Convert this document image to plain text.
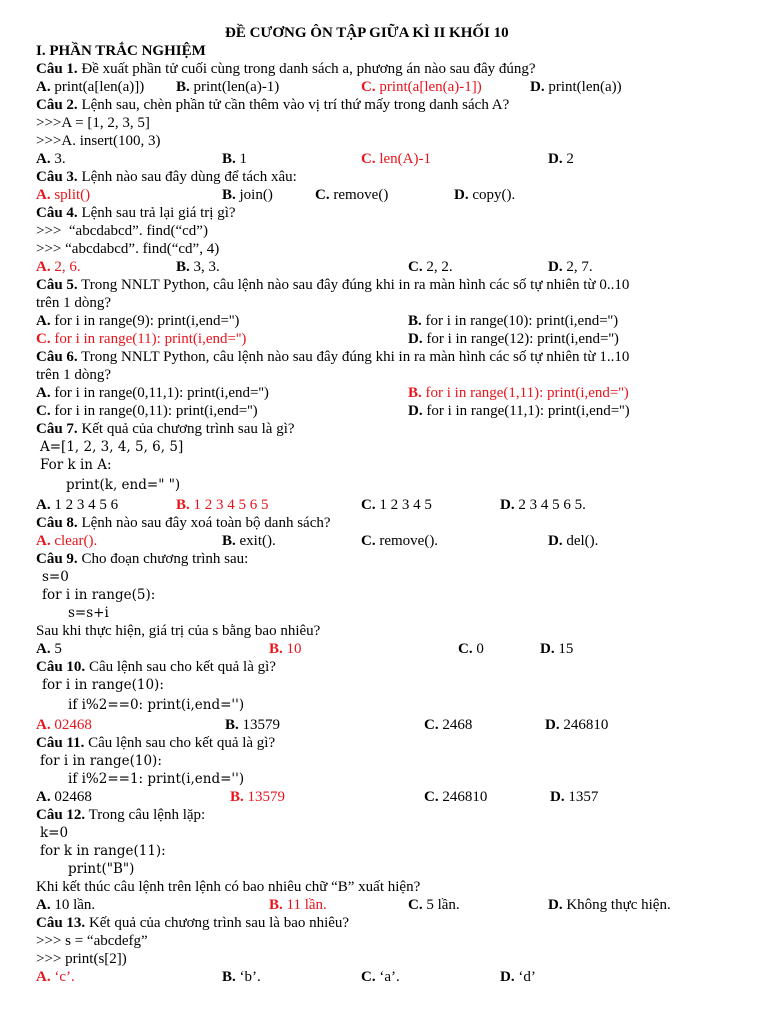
ĐỀ CƯƠNG ÔN TẬP GIỮA KÌ II KHỐI 10

I. PHẦN TRẮC NGHIỆM

Câu 1. Đề xuất phần tử cuối cùng trong danh sách a, phương án nào sau đây đúng?
A. print(a[len(a)]) B. print(len(a)-1)	C. print(a[len(a)-1])	D. print(len(a))
Câu 2. Lệnh sau, chèn phần tử cần thêm vào vị trí thứ mấy trong danh sách A?
>>>A = [1, 2, 3, 5]
>>>A. insert(100, 3)
A. 3.	B. 1	C. len(A)-1	D. 2
Câu 3. Lệnh nào sau đây dùng để tách xâu:
A. split()	B. join()	C. remove()	D. copy().
Câu 4. Lệnh sau trả lại giá trị gì?
>>>  “abcdabcd”. find(“cd”)
>>> “abcdabcd”. find(“cd”, 4)
A. 2, 6.	B. 3, 3.	C. 2, 2.	D. 2, 7.
Câu 5. Trong NNLT Python, câu lệnh nào sau đây đúng khi in ra màn hình các số tự nhiên từ 0..10
trên 1 dòng?
A. for i in range(9): print(i,end='')	B. for i in range(10): print(i,end='')
C. for i in range(11): print(i,end='')	D. for i in range(12): print(i,end='')
Câu 6. Trong NNLT Python, câu lệnh nào sau đây đúng khi in ra màn hình các số tự nhiên từ 1..10
trên 1 dòng?
A. for i in range(0,11,1): print(i,end='')	B. for i in range(1,11): print(i,end='')
C. for i in range(0,11): print(i,end='')	D. for i in range(11,1): print(i,end='')
Câu 7. Kết quả của chương trình sau là gì?
A=[1, 2, 3, 4, 5, 6, 5]
For k in A:
print(k, end=" ")
A. 1 2 3 4 5 6	B. 1 2 3 4 5 6 5	C. 1 2 3 4 5	D. 2 3 4 5 6 5.
Câu 8. Lệnh nào sau đây xoá toàn bộ danh sách?
A. clear().	B. exit().	C. remove().	D. del().
Câu 9. Cho đoạn chương trình sau:
s=0
for i in range(5):
s=s+i
Sau khi thực hiện, giá trị của s bằng bao nhiêu?
A. 5	B. 10	C. 0	D. 15
Câu 10. Câu lệnh sau cho kết quả là gì?
for i in range(10):
if i%2==0: print(i,end='')
A. 02468	B. 13579	C. 2468	D. 246810
Câu 11. Câu lệnh sau cho kết quả là gì?
for i in range(10):
if i%2==1: print(i,end='')
A. 02468	B. 13579	C. 246810	D. 1357
Câu 12. Trong câu lệnh lặp:
k=0
for k in range(11):
print("B")
Khi kết thúc câu lệnh trên lệnh có bao nhiêu chữ “B” xuất hiện?
A. 10 lần.	B. 11 lần.	C. 5 lần.	D. Không thực hiện.
Câu 13. Kết quả của chương trình sau là bao nhiêu?
>>> s = “abcdefg”
>>> print(s[2])
A. ‘c’.	B. ‘b’.	C. ‘a’.	D. ‘d’
